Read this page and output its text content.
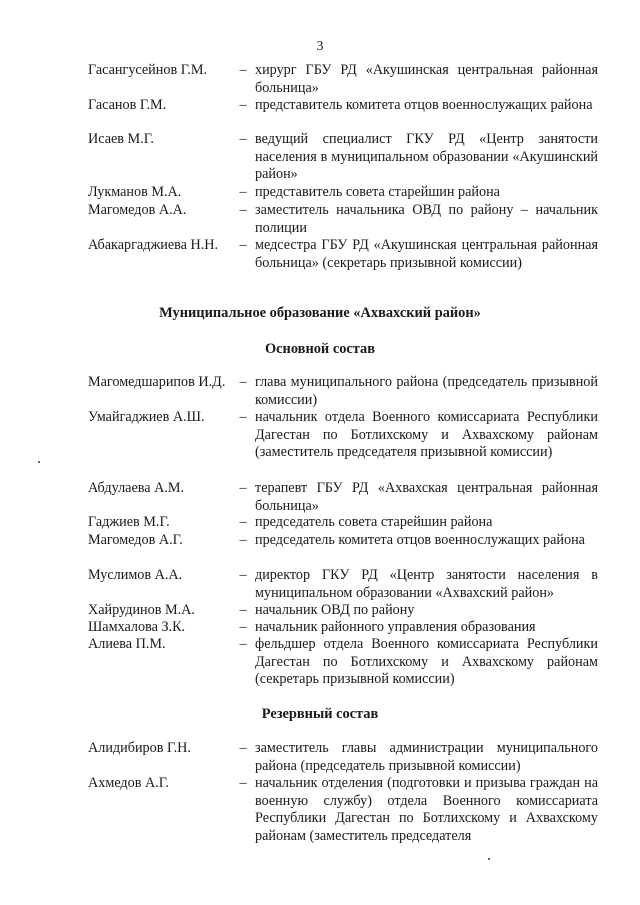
3
Гасангусейнов Г.М.	– хирург ГБУ РД «Акушинская центральная районная больница»
Гасанов Г.М.	– представитель комитета отцов военнослужащих района
Исаев М.Г.	– ведущий специалист ГКУ РД «Центр занятости населения в муниципальном образовании «Акушинский район»
Лукманов М.А.	– представитель совета старейшин района
Магомедов А.А.	– заместитель начальника ОВД по району – начальник полиции
Абакаргаджиева Н.Н.	– медсестра ГБУ РД «Акушинская центральная районная больница» (секретарь призывной комиссии)
Муниципальное образование «Ахвахский район»
Основной состав
Магомедшарипов И.Д. – глава муниципального района (председатель призывной комиссии)
Умайгаджиев А.Ш.	– начальник отдела Военного комиссариата Республики Дагестан по Ботлихскому и Ахвахскому районам (заместитель председателя призывной комиссии)
Абдулаева А.М.	– терапевт ГБУ РД «Ахвахская центральная районная больница»
Гаджиев М.Г.	– председатель совета старейшин района
Магомедов А.Г.	– председатель комитета отцов военнослужащих района
Муслимов А.А.	– директор ГКУ РД «Центр занятости населения в муниципальном образовании «Ахвахский район»
Хайрудинов М.А.	– начальник ОВД по району
Шамхалова З.К.	– начальник районного управления образования
Алиева П.М.	– фельдшер отдела Военного комиссариата Республики Дагестан по Ботлихскому и Ахвахскому районам (секретарь призывной комиссии)
Резервный состав
Алидибиров Г.Н.	– заместитель главы администрации муниципального района (председатель призывной комиссии)
Ахмедов А.Г.	– начальник отделения (подготовки и призыва граждан на военную службу) отдела Военного комиссариата Республики Дагестан по Ботлихскому и Ахвахскому районам (заместитель председателя
